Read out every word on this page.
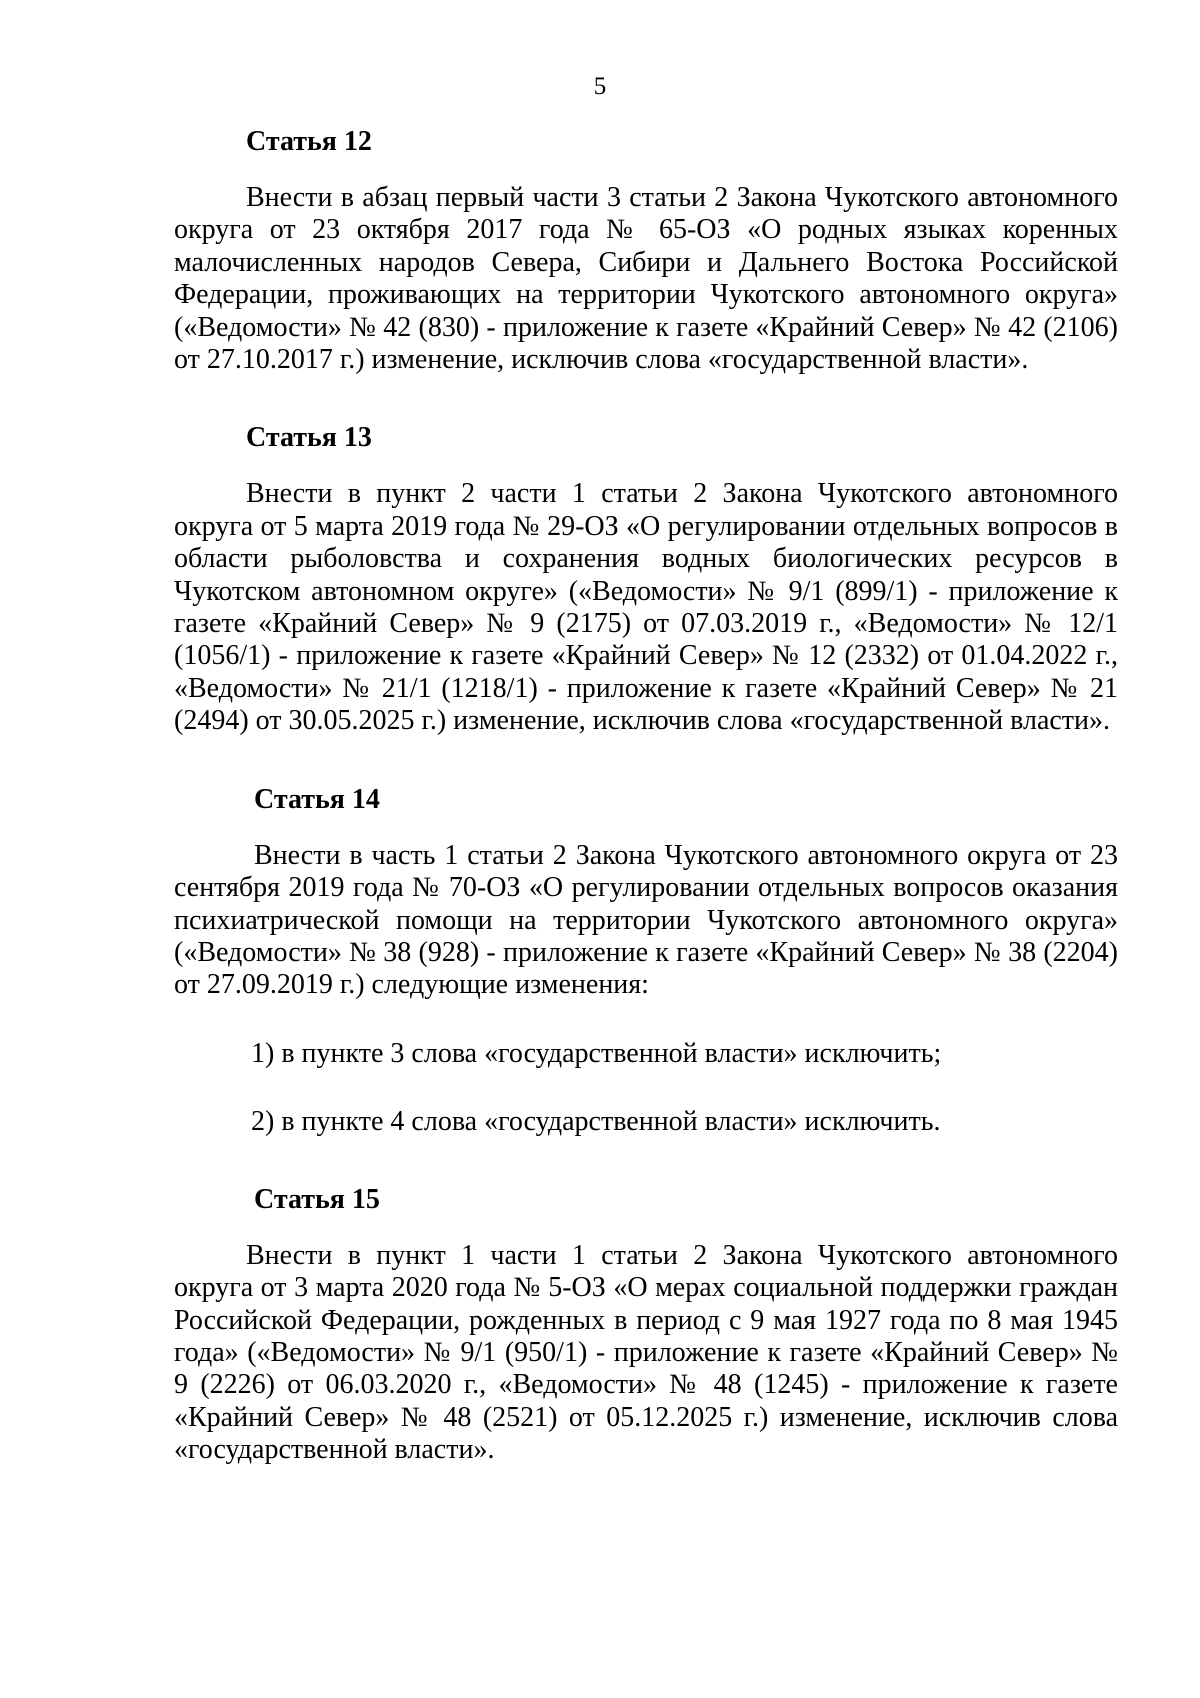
5
Статья 12

Внести в абзац первый части 3 статьи 2 Закона Чукотского автономного округа от 23 октября 2017 года № 65-ОЗ «О родных языках коренных малочисленных народов Севера, Сибири и Дальнего Востока Российской Федерации, проживающих на территории Чукотского автономного округа» («Ведомости» № 42 (830) - приложение к газете «Крайний Север» № 42 (2106) от 27.10.2017 г.) изменение, исключив слова «государственной власти».

Статья 13

Внести в пункт 2 части 1 статьи 2 Закона Чукотского автономного округа от 5 марта 2019 года № 29-ОЗ «О регулировании отдельных вопросов в области рыболовства и сохранения водных биологических ресурсов в Чукотском автономном округе» («Ведомости» № 9/1 (899/1) - приложение к газете «Крайний Север» № 9 (2175) от 07.03.2019 г., «Ведомости» № 12/1 (1056/1) - приложение к газете «Крайний Север» № 12 (2332) от 01.04.2022 г., «Ведомости» № 21/1 (1218/1) - приложение к газете «Крайний Север» № 21 (2494) от 30.05.2025 г.) изменение, исключив слова «государственной власти».

Статья 14

Внести в часть 1 статьи 2 Закона Чукотского автономного округа от 23 сентября 2019 года № 70-ОЗ «О регулировании отдельных вопросов оказания психиатрической помощи на территории Чукотского автономного округа» («Ведомости» № 38 (928) - приложение к газете «Крайний Север» № 38 (2204) от 27.09.2019 г.) следующие изменения:

1) в пункте 3 слова «государственной власти» исключить;
2) в пункте 4 слова «государственной власти» исключить.
Статья 15

Внести в пункт 1 части 1 статьи 2 Закона Чукотского автономного округа от 3 марта 2020 года № 5-ОЗ «О мерах социальной поддержки граждан Российской Федерации, рожденных в период с 9 мая 1927 года по 8 мая 1945 года» («Ведомости» № 9/1 (950/1) - приложение к газете «Крайний Север» № 9 (2226) от 06.03.2020 г., «Ведомости» № 48 (1245) - приложение к газете «Крайний Север» № 48 (2521) от 05.12.2025 г.) изменение, исключив слова «государственной власти».
